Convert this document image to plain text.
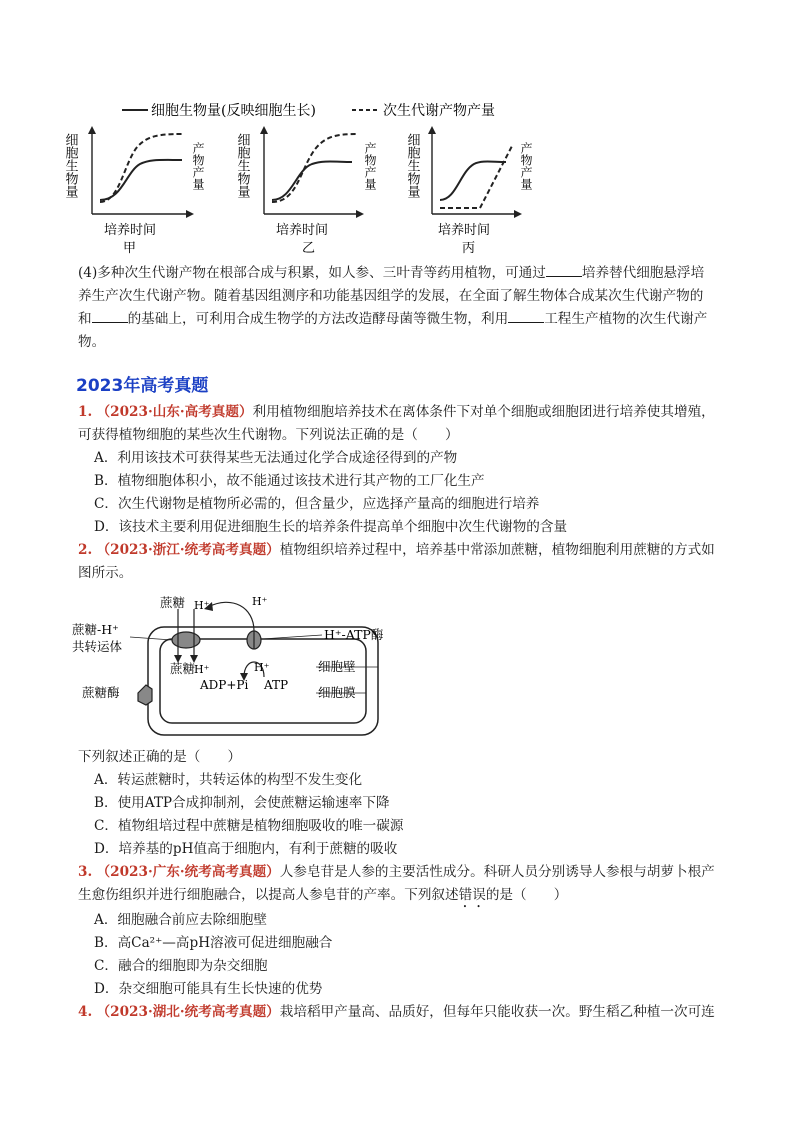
细胞生物量(反映细胞生长)	次生代谢产物产量
细胞生物量	产物产量
培养时间
甲
细胞生物量	产物产量
培养时间
乙
细胞生物量	产物产量
培养时间
丙
(4)多种次生代谢产物在根部合成与积累，如人参、三叶青等药用植物，可通过	培养替代细胞悬浮培
养生产次生代谢产物。随着基因组测序和功能基因组学的发展，在全面了解生物体合成某次生代谢产物的
和	的基础上，可利用合成生物学的方法改造酵母菌等微生物，利用	工程生产植物的次生代谢产
物。
2023年高考真题
1. （2023·山东·高考真题）利用植物细胞培养技术在离体条件下对单个细胞或细胞团进行培养使其增殖，
可获得植物细胞的某些次生代谢物。下列说法正确的是（　　）
A．利用该技术可获得某些无法通过化学合成途径得到的产物
B．植物细胞体积小，故不能通过该技术进行其产物的工厂化生产
C．次生代谢物是植物所必需的，但含量少，应选择产量高的细胞进行培养
D．该技术主要利用促进细胞生长的培养条件提高单个细胞中次生代谢物的含量
2. （2023·浙江·统考高考真题）植物组织培养过程中，培养基中常添加蔗糖，植物细胞利用蔗糖的方式如
图所示。
蔗糖 H⁺	H⁺
蔗糖-H⁺
共转运体
H⁺-ATP酶
蔗糖
H⁺	H⁺	细胞壁
ADP+Pi ATP
蔗糖酶	细胞膜
下列叙述正确的是（　　）
A．转运蔗糖时，共转运体的构型不发生变化
B．使用ATP合成抑制剂，会使蔗糖运输速率下降
C．植物组培过程中蔗糖是植物细胞吸收的唯一碳源
D．培养基的pH值高于细胞内，有利于蔗糖的吸收
3. （2023·广东·统考高考真题）人参皂苷是人参的主要活性成分。科研人员分别诱导人参根与胡萝卜根产
生愈伤组织并进行细胞融合，以提高人参皂苷的产率。下列叙述错误的是（　　）
A．细胞融合前应去除细胞壁
B．高Ca²⁺—高pH溶液可促进细胞融合
C．融合的细胞即为杂交细胞
D．杂交细胞可能具有生长快速的优势
4. （2023·湖北·统考高考真题）栽培稻甲产量高、品质好，但每年只能收获一次。野生稻乙种植一次可连
